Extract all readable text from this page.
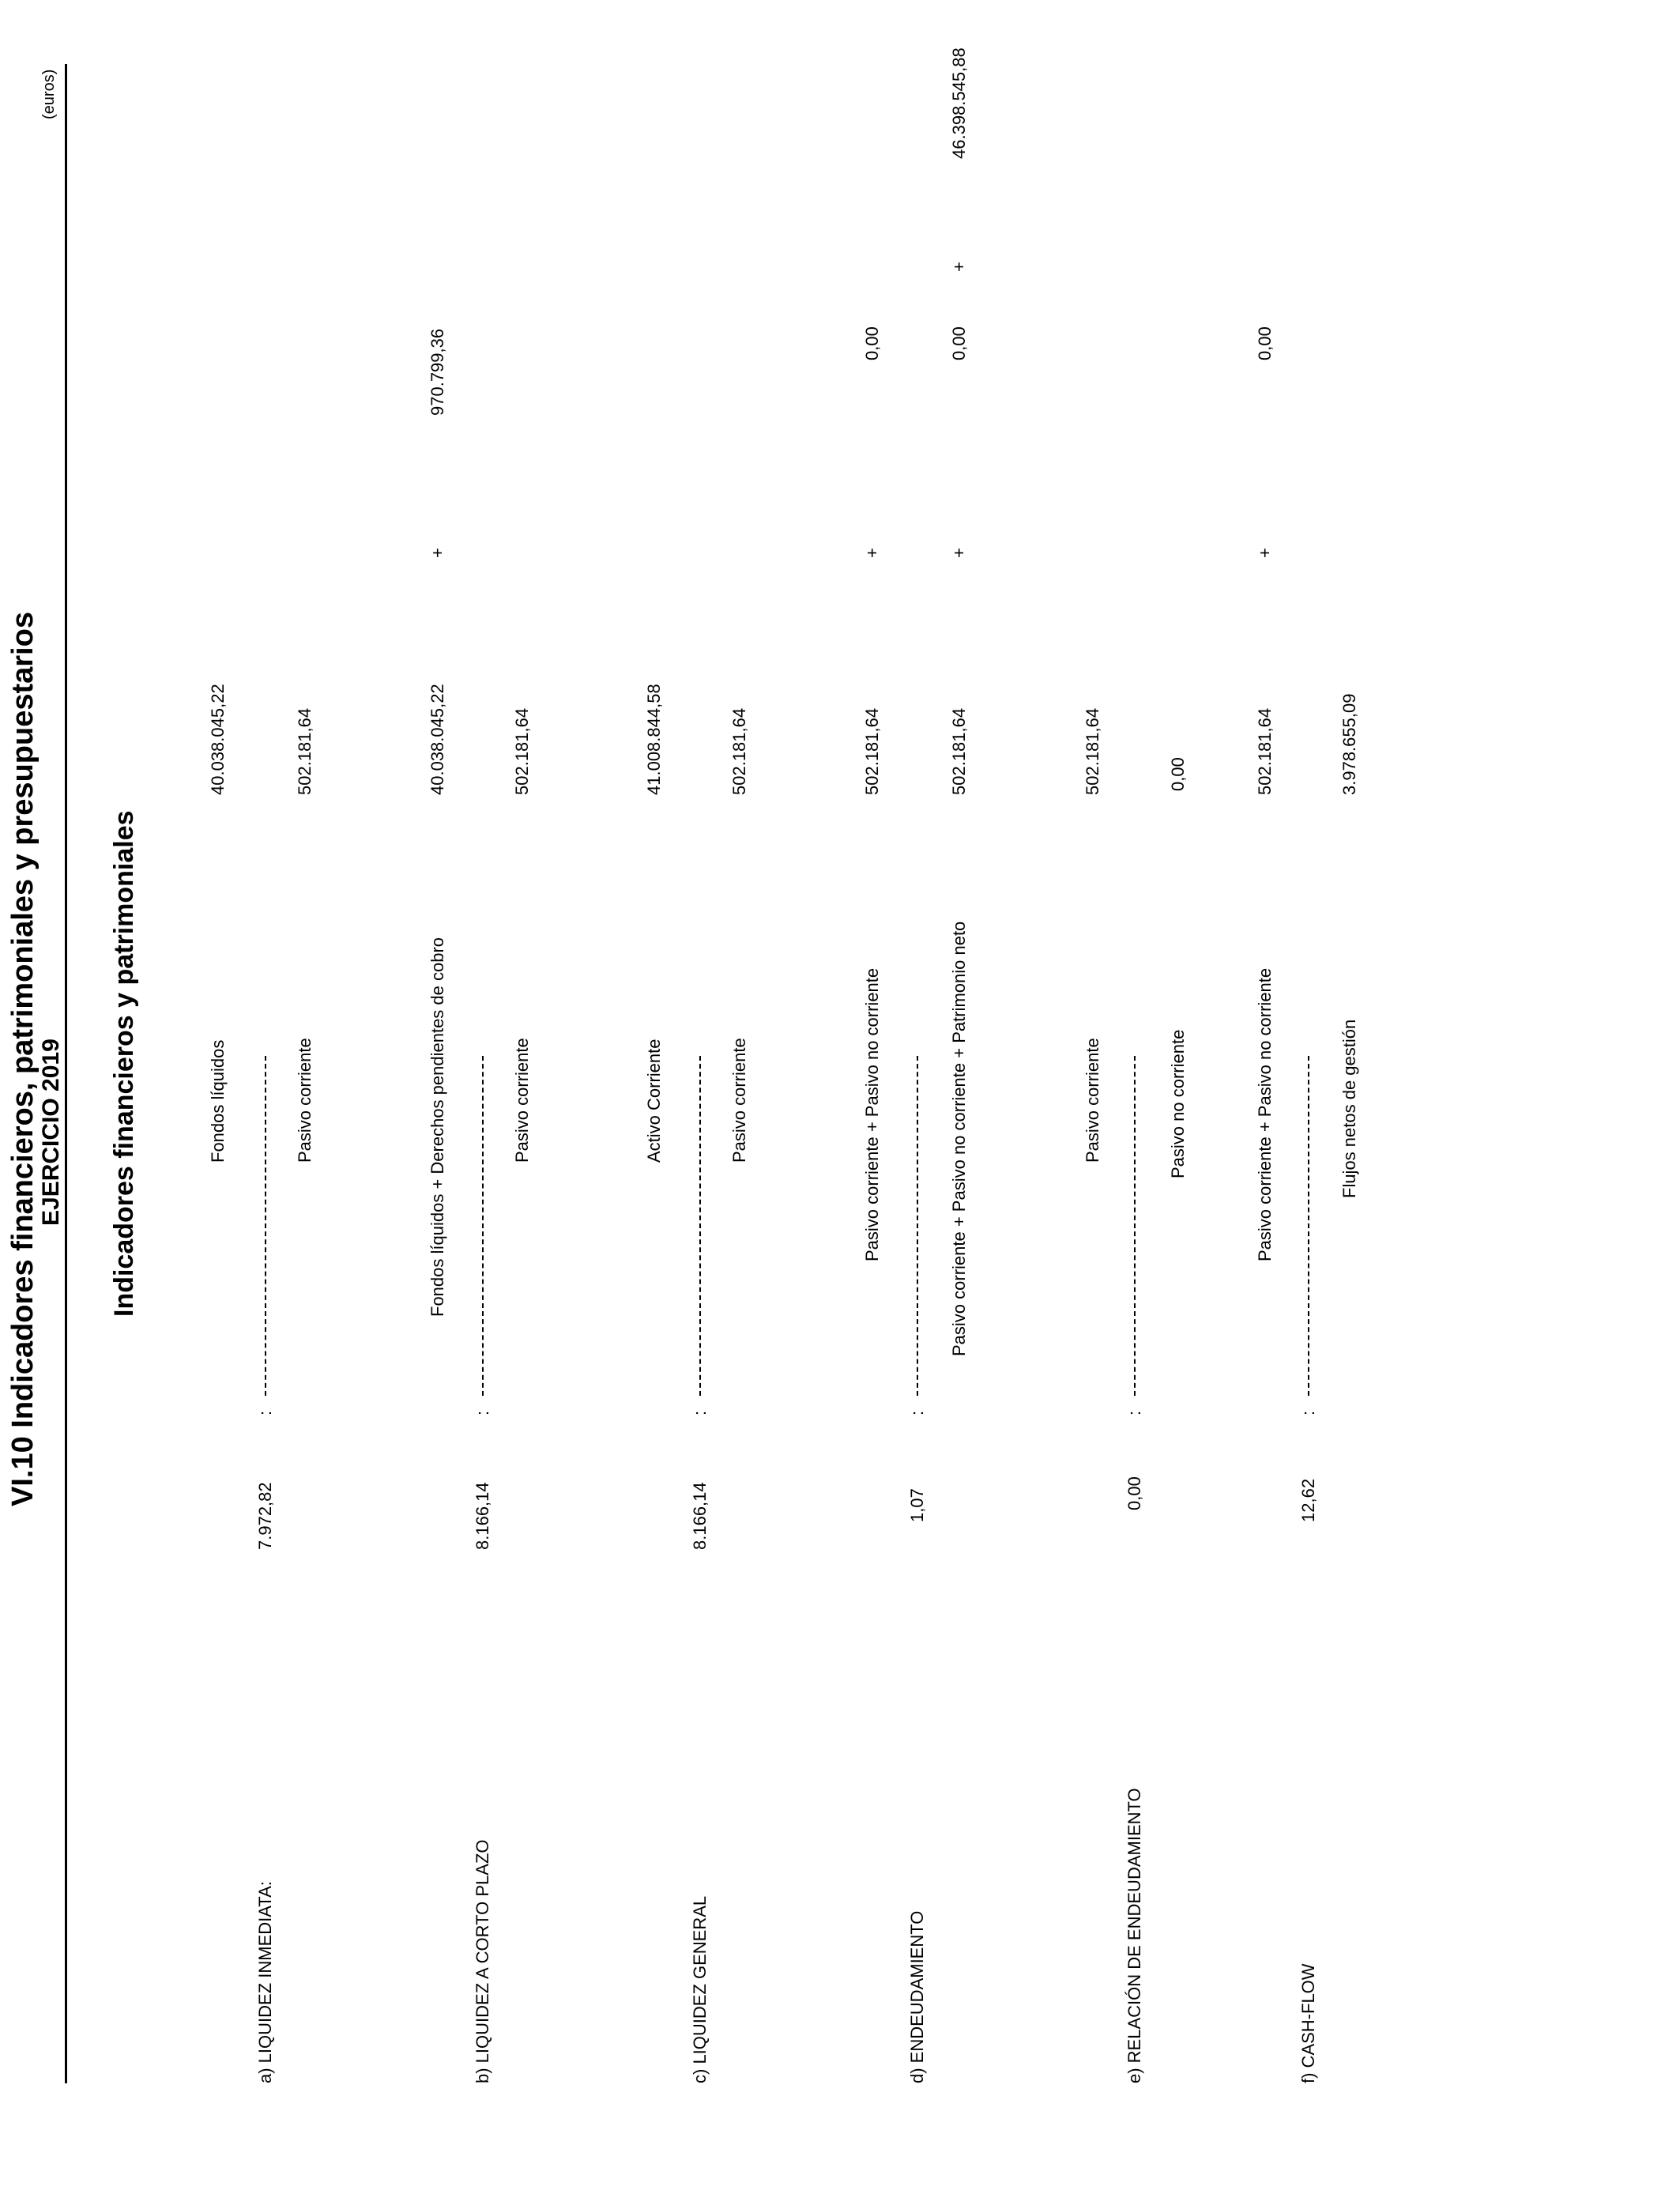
VI.10 Indicadores financieros, patrimoniales y presupuestarios
EJERCICIO 2019
(euros)
Indicadores financieros y patrimoniales
a) LIQUIDEZ INMEDIATA:
7.972,82
:
Fondos líquidos
40.038.045,22
Pasivo corriente
502.181,64
b) LIQUIDEZ A CORTO PLAZO
8.166,14
:
Fondos líquidos + Derechos pendientes de cobro
40.038.045,22
+
970.799,36
Pasivo corriente
502.181,64
c) LIQUIDEZ GENERAL
8.166,14
:
Activo Corriente
41.008.844,58
Pasivo corriente
502.181,64
d) ENDEUDAMIENTO
1,07
:
Pasivo corriente + Pasivo no corriente
502.181,64
+
0,00
Pasivo corriente + Pasivo no corriente + Patrimonio neto
502.181,64
+
0,00
+
46.398.545,88
e) RELACIÓN DE ENDEUDAMIENTO
0,00
:
Pasivo corriente
502.181,64
Pasivo no corriente
0,00
f) CASH-FLOW
12,62
:
Pasivo corriente + Pasivo no corriente
502.181,64
+
0,00
Flujos netos de gestión
3.978.655,09
